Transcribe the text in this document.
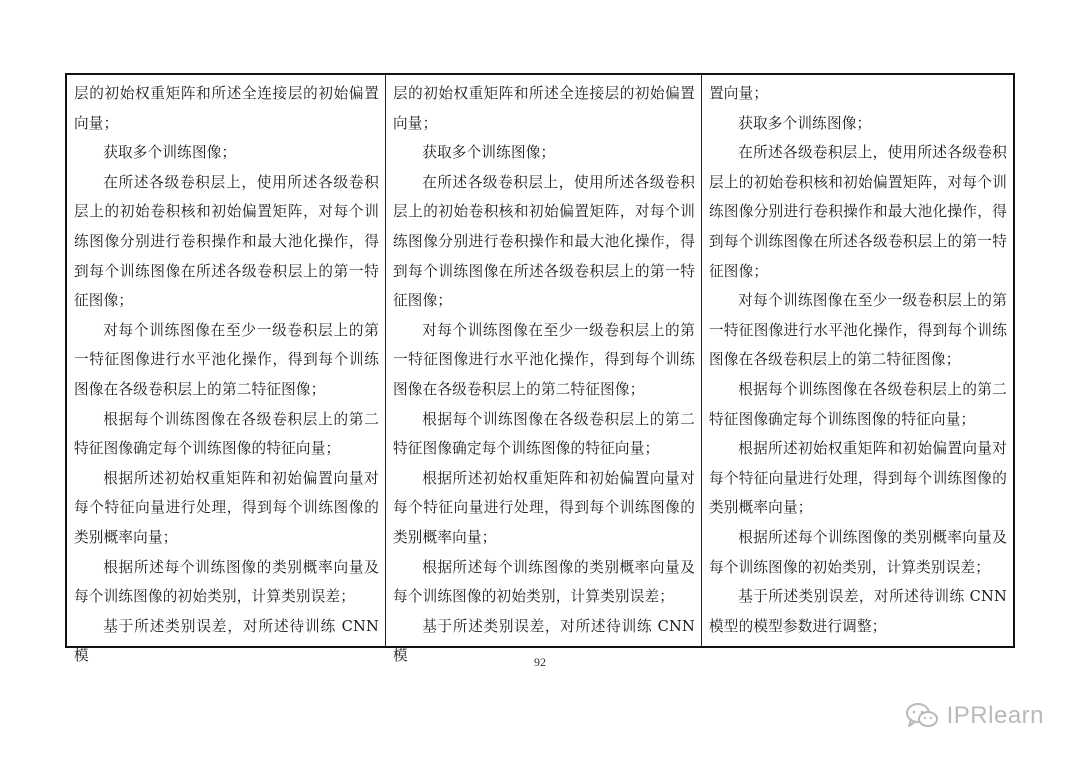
层的初始权重矩阵和所述全连接层的初始偏置向量；

获取多个训练图像；

在所述各级卷积层上，使用所述各级卷积层上的初始卷积核和初始偏置矩阵，对每个训练图像分别进行卷积操作和最大池化操作，得到每个训练图像在所述各级卷积层上的第一特征图像；

对每个训练图像在至少一级卷积层上的第一特征图像进行水平池化操作，得到每个训练图像在各级卷积层上的第二特征图像；

根据每个训练图像在各级卷积层上的第二特征图像确定每个训练图像的特征向量；

根据所述初始权重矩阵和初始偏置向量对每个特征向量进行处理，得到每个训练图像的类别概率向量；

根据所述每个训练图像的类别概率向量及每个训练图像的初始类别，计算类别误差；

基于所述类别误差，对所述待训练 CNN 模

层的初始权重矩阵和所述全连接层的初始偏置向量；

获取多个训练图像；

在所述各级卷积层上，使用所述各级卷积层上的初始卷积核和初始偏置矩阵，对每个训练图像分别进行卷积操作和最大池化操作，得到每个训练图像在所述各级卷积层上的第一特征图像；

对每个训练图像在至少一级卷积层上的第一特征图像进行水平池化操作，得到每个训练图像在各级卷积层上的第二特征图像；

根据每个训练图像在各级卷积层上的第二特征图像确定每个训练图像的特征向量；

根据所述初始权重矩阵和初始偏置向量对每个特征向量进行处理，得到每个训练图像的类别概率向量；

根据所述每个训练图像的类别概率向量及每个训练图像的初始类别，计算类别误差；

基于所述类别误差，对所述待训练 CNN 模

置向量；

获取多个训练图像；

在所述各级卷积层上，使用所述各级卷积层上的初始卷积核和初始偏置矩阵，对每个训练图像分别进行卷积操作和最大池化操作，得到每个训练图像在所述各级卷积层上的第一特征图像；

对每个训练图像在至少一级卷积层上的第一特征图像进行水平池化操作，得到每个训练图像在各级卷积层上的第二特征图像；

根据每个训练图像在各级卷积层上的第二特征图像确定每个训练图像的特征向量；

根据所述初始权重矩阵和初始偏置向量对每个特征向量进行处理，得到每个训练图像的类别概率向量；

根据所述每个训练图像的类别概率向量及每个训练图像的初始类别，计算类别误差；

基于所述类别误差，对所述待训练 CNN 模型的模型参数进行调整；

92
IPRlearn
